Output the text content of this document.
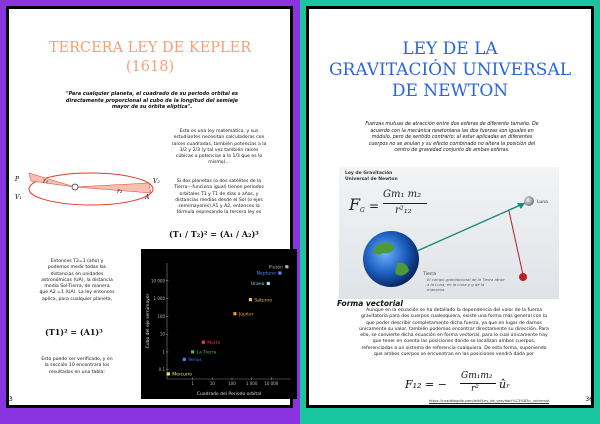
TERCERA LEY DE KEPLER
(1618)
"Para cualquier planeta, el cuadrado de su periodo orbital es
directamente proporcional al cubo de la longitud del semieje
mayor de su órbita elíptica".
P
V₁
r₁
r₂
V₂
A
Esta es una ley matemática, y sus
estudiantes necesitan calculadoras con
raíces cuadradas, también potencias a la
3/2 y 2/3 (y tal vez también raíces
cúbicas o potencias a la 1/3 que es lo
mismo)...
Si dos planetas (o dos satélites de la
Tierra---funciona igual) tienen períodos
orbitales T1 y T1 de días o años, y
distancias medias desde el Sol (o ejes
semimayores) A1 y A2, entonces la
fórmula expresando la tercera ley es
(T₁ / T₂)² = (A₁ / A₂)³
Entonces T2=1 (año) y
podemos medir todas las
distancias en unidades
astronómicas (UA), la distancia
media Sol-Tierra, de manera
que A2 =1 (UA). La ley entonces
aplica, para cualquier planeta,
(T1)² = (A1)³
Esto puede ser verificado, y en
la sección 10 encontrará los
resultados en una tabla:	0.1
1
10
100
1 000
10 000
1	10	100	1 000 10 000
Mercurio
Venus
La Tierra
Marte
Júpiter
Saturno
Urano
Neptuno
Plutón
Cuadrado del Periodo orbital
Cubo del eje semimayor
33
LEY DE LA
GRAVITACIÓN UNIVERSAL
DE NEWTON
Fuerzas mutuas de atracción entre dos esferas de diferente tamaño. De
acuerdo con la mecánica newtoniana las dos fuerzas son iguales en
módulo, pero de sentido contrario: al estar aplicadas en diferentes
cuerpos no se anulan y su efecto combinado no altera la posición del
centro de gravedad conjunto de ambas esferas.
Ley de Gravitación
Universal de Newton
F G =
Gm₁ m₂
r²₁₂
Luna
Tierra
El campo gravitacional de la Tierra atrae
a la Luna, en la Luna y g de la
manzana
Forma vectorial
Aunque en la ecuación se ha detallado la dependencia del valor de la fuerza
gravitatoria para dos cuerpos cualesquiera, existe una forma más general con la
que poder describir completamente dicha fuerza, ya que en lugar de darnos
únicamente su valor, también podemos encontrar directamente su dirección. Para
ello, se convierte dicha ecuación en forma vectorial, para lo cual únicamente hay
que tener en cuenta las posiciones donde se localizan ambos cuerpos,
referenciadas a un sistema de referencia cualquiera. De esta forma, suponiendo
que ambos cuerpos se encuentran en las posiciones vendrá dada por
F₁₂ = −
Gm₁m₂
r² ûᵣ
https://cuadblogdia.com/wiki/Ley_de_gravitaci%C3%B3n_universal	36
